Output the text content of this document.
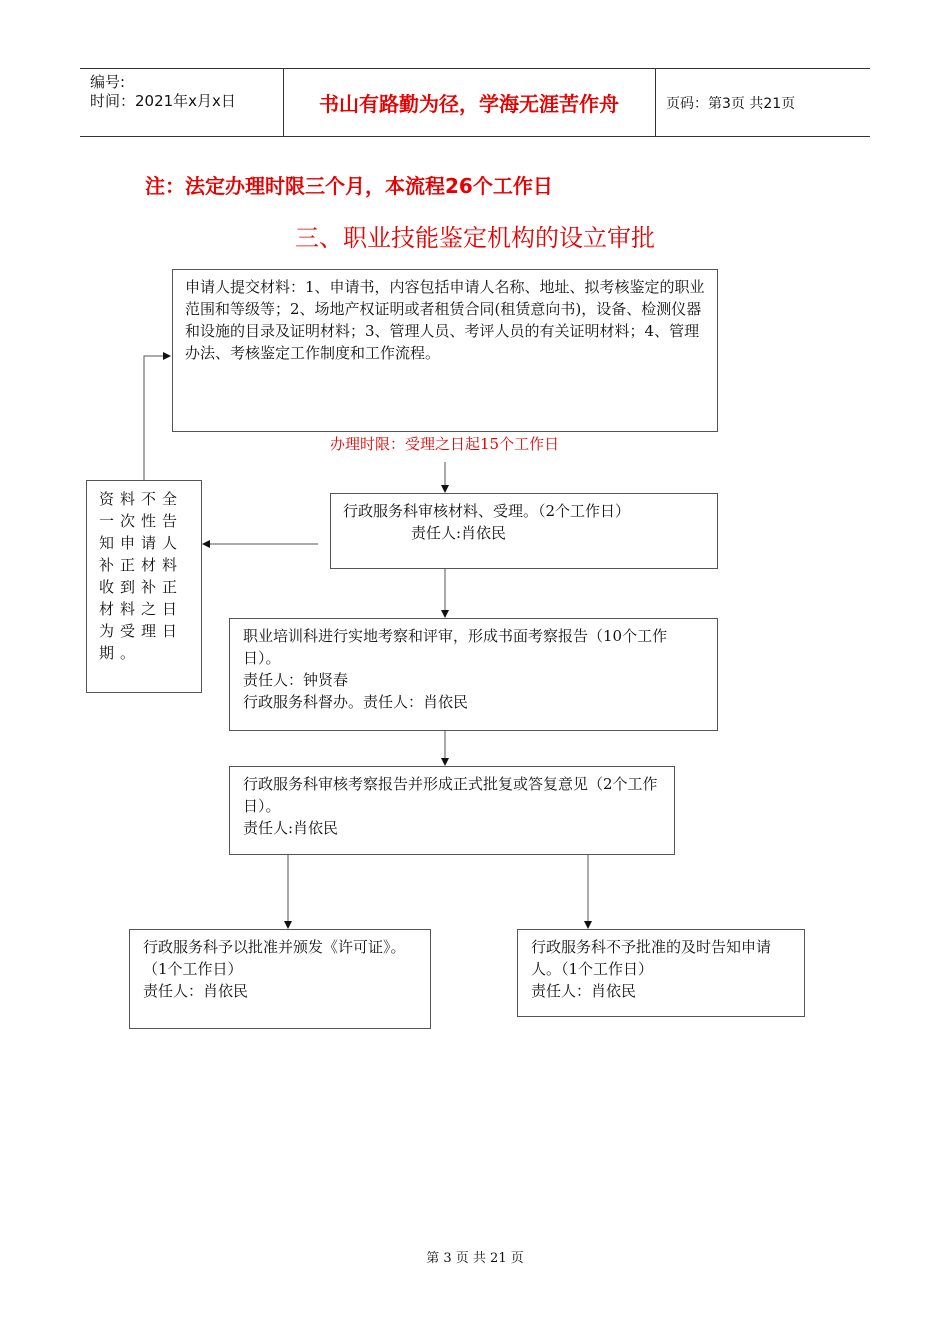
编号:
时间：2021年x月x日	书山有路勤为径，学海无涯苦作舟	页码：第3页 共21页
注：法定办理时限三个月，本流程26个工作日
三、职业技能鉴定机构的设立审批

申请人提交材料：1、申请书，内容包括申请人名称、地址、拟考核鉴定的职业范围和等级等；2、场地产权证明或者租赁合同(租赁意向书)，设备、检测仪器和设施的目录及证明材料；3、管理人员、考评人员的有关证明材料；4、管理办法、考核鉴定工作制度和工作流程。

办理时限：受理之日起15个工作日

行政服务科审核材料、受理。（2个工作日）

责任人:肖依民

资料不全一次性告知申请人补正材料收到补正材料之日为受理日期。

职业培训科进行实地考察和评审，形成书面考察报告（10个工作日）。

责任人：钟贤春

行政服务科督办。责任人：肖依民

行政服务科审核考察报告并形成正式批复或答复意见（2个工作日）。

责任人:肖依民

行政服务科予以批准并颁发《许可证》。（1个工作日）

责任人：肖依民

行政服务科不予批准的及时告知申请人。（1个工作日）

责任人：肖依民

第 3 页 共 21 页
